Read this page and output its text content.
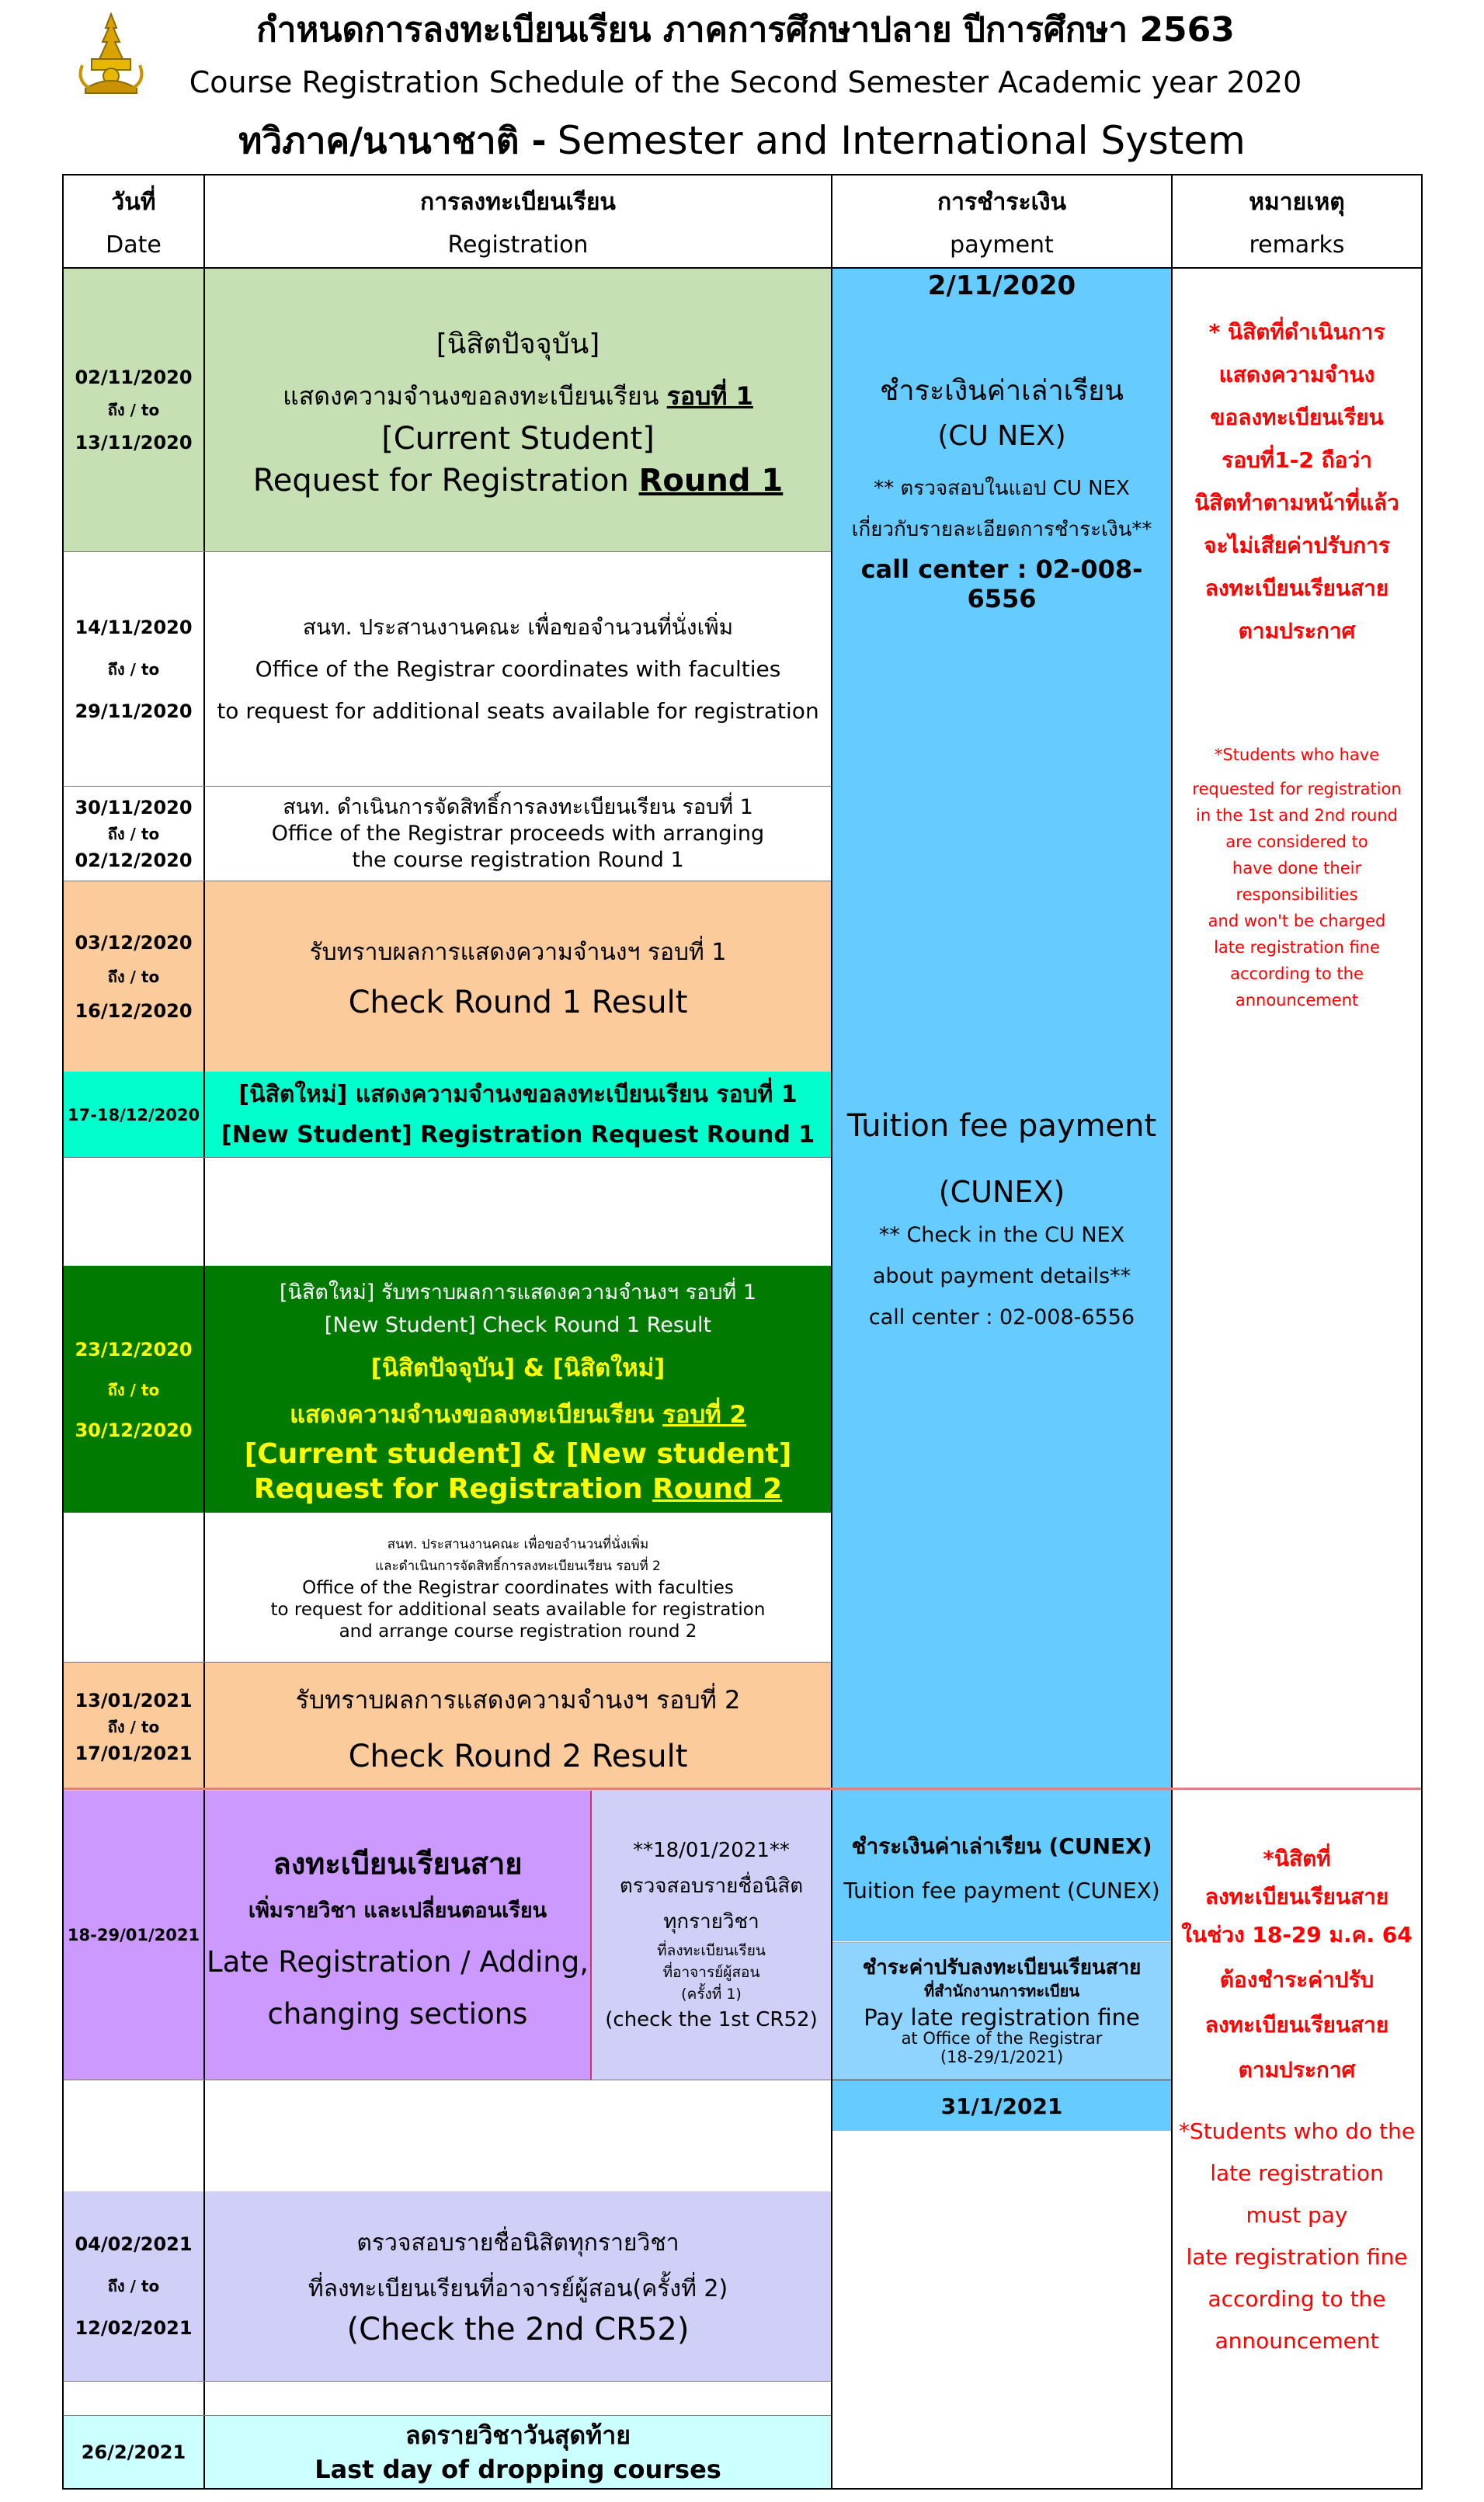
กำหนดการลงทะเบียนเรียน ภาคการศึกษาปลาย ปีการศึกษา 2563
Course Registration Schedule of the Second Semester Academic year 2020
ทวิภาค/นานาชาติ - Semester and International System

วันที่

Date

การลงทะเบียนเรียน

Registration

การชำระเงิน

payment

หมายเหตุ

remarks

02/11/2020

ถึง / to

13/11/2020

[นิสิตปัจจุบัน]

แสดงความจำนงขอลงทะเบียนเรียน รอบที่ 1

[Current Student]

Request for Registration Round 1

14/11/2020

ถึง / to

29/11/2020

สนท. ประสานงานคณะ เพื่อขอจำนวนที่นั่งเพิ่ม

Office of the Registrar coordinates with faculties

to request for additional seats available for registration

30/11/2020

ถึง / to

02/12/2020

สนท. ดำเนินการจัดสิทธิ์การลงทะเบียนเรียน รอบที่ 1

Office of the Registrar proceeds with arranging

the course registration Round 1

03/12/2020

ถึง / to

16/12/2020

รับทราบผลการแสดงความจำนงฯ รอบที่ 1

Check Round 1 Result

17-18/12/2020

[นิสิตใหม่] แสดงความจำนงขอลงทะเบียนเรียน รอบที่ 1

[New Student] Registration Request Round 1

23/12/2020

ถึง / to

30/12/2020

[นิสิตใหม่] รับทราบผลการแสดงความจำนงฯ รอบที่ 1

[New Student] Check Round 1 Result

[นิสิตปัจจุบัน] & [นิสิตใหม่]

แสดงความจำนงขอลงทะเบียนเรียน รอบที่ 2

[Current student] & [New student]

Request for Registration Round 2

สนท. ประสานงานคณะ เพื่อขอจำนวนที่นั่งเพิ่ม

และดำเนินการจัดสิทธิ์การลงทะเบียนเรียน รอบที่ 2

Office of the Registrar coordinates with faculties

to request for additional seats available for registration

and arrange course registration round 2

13/01/2021

ถึง / to

17/01/2021

รับทราบผลการแสดงความจำนงฯ รอบที่ 2

Check Round 2 Result

18-29/01/2021

ลงทะเบียนเรียนสาย

เพิ่มรายวิชา และเปลี่ยนตอนเรียน

Late Registration / Adding,

changing sections

**18/01/2021**

ตรวจสอบรายชื่อนิสิต

ทุกรายวิชา

ที่ลงทะเบียนเรียน

ที่อาจารย์ผู้สอน

(ครั้งที่ 1)

(check the 1st CR52)

04/02/2021

ถึง / to

12/02/2021

ตรวจสอบรายชื่อนิสิตทุกรายวิชา

ที่ลงทะเบียนเรียนที่อาจารย์ผู้สอน(ครั้งที่ 2)

(Check the 2nd CR52)

26/2/2021

ลดรายวิชาวันสุดท้าย

Last day of dropping courses

2/11/2020

ชำระเงินค่าเล่าเรียน

(CU NEX)

** ตรวจสอบในแอป CU NEX

เกี่ยวกับรายละเอียดการชำระเงิน**

call center : 02-008-6556

Tuition fee payment

(CUNEX)

** Check in the CU NEX

about payment details**

call center : 02-008-6556

ชำระเงินค่าเล่าเรียน (CUNEX)

Tuition fee payment (CUNEX)

ชำระค่าปรับลงทะเบียนเรียนสาย

ที่สำนักงานการทะเบียน

Pay late registration fine

at Office of the Registrar

(18-29/1/2021)

31/1/2021

* นิสิตที่ดำเนินการ

แสดงความจำนง

ขอลงทะเบียนเรียน

รอบที่1-2 ถือว่า

นิสิตทำตามหน้าที่แล้ว

จะไม่เสียค่าปรับการ

ลงทะเบียนเรียนสาย

ตามประกาศ

*Students who have

requested for registration

in the 1st and 2nd round

are considered to

have done their

responsibilities

and won't be charged

late registration fine

according to the

announcement

*นิสิตที่

ลงทะเบียนเรียนสาย

ในช่วง 18-29 ม.ค. 64

ต้องชำระค่าปรับ

ลงทะเบียนเรียนสาย

ตามประกาศ

*Students who do the

late registration

must pay

late registration fine

according to the

announcement
